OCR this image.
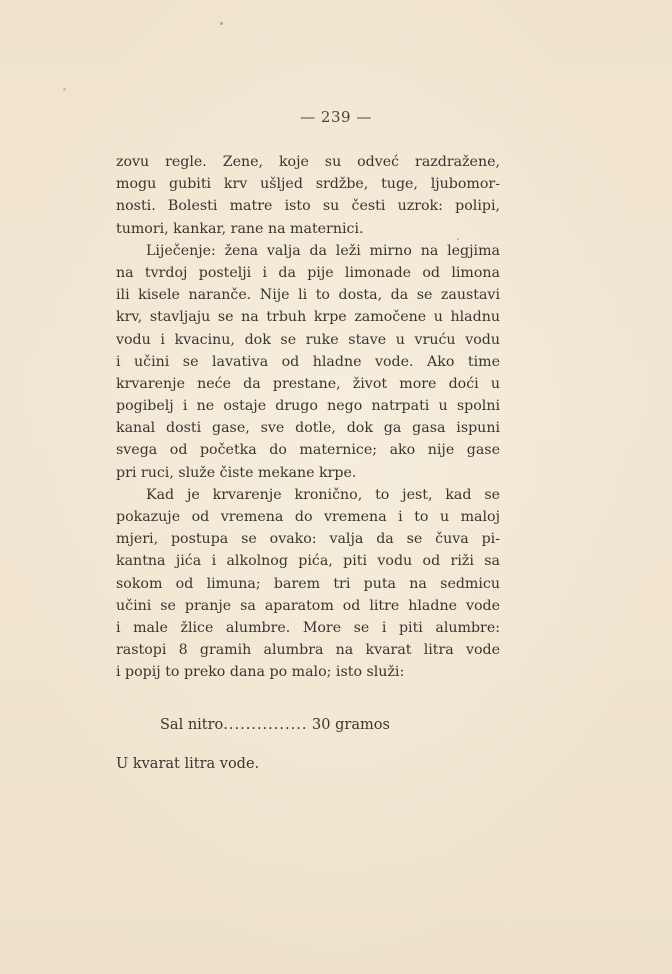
— 239 —
zovu regle. Zene, koje su odveć razdražene,
mogu gubiti krv ušljed srdžbe, tuge, ljubomor-
nosti. Bolesti matre isto su česti uzrok: polipi,
tumori, kankar, rane na maternici.
Liječenje: žena valja da leži mirno na legjima
na tvrdoj postelji i da pije limonade od limona
ili kisele naranče. Nije li to dosta, da se zaustavi
krv, stavljaju se na trbuh krpe zamočene u hladnu
vodu i kvacinu, dok se ruke stave u vruću vodu
i učini se lavativa od hladne vode. Ako time
krvarenje neće da prestane, život more doći u
pogibelj i ne ostaje drugo nego natrpati u spolni
kanal dosti gase, sve dotle, dok ga gasa ispuni
svega od početka do maternice; ako nije gase
pri ruci, služe čiste mekane krpe.
Kad je krvarenje kronično, to jest, kad se
pokazuje od vremena do vremena i to u maloj
mjeri, postupa se ovako: valja da se čuva pi-
kantna jića i alkolnog pića, piti vodu od riži sa
sokom od limuna; barem tri puta na sedmicu
učini se pranje sa aparatom od litre hladne vode
i male žlice alumbre. More se i piti alumbre:
rastopi 8 gramih alumbra na kvarat litra vode
i popij to preko dana po malo; isto služi:
Sal nitro............... 30 gramos
U kvarat litra vode.
